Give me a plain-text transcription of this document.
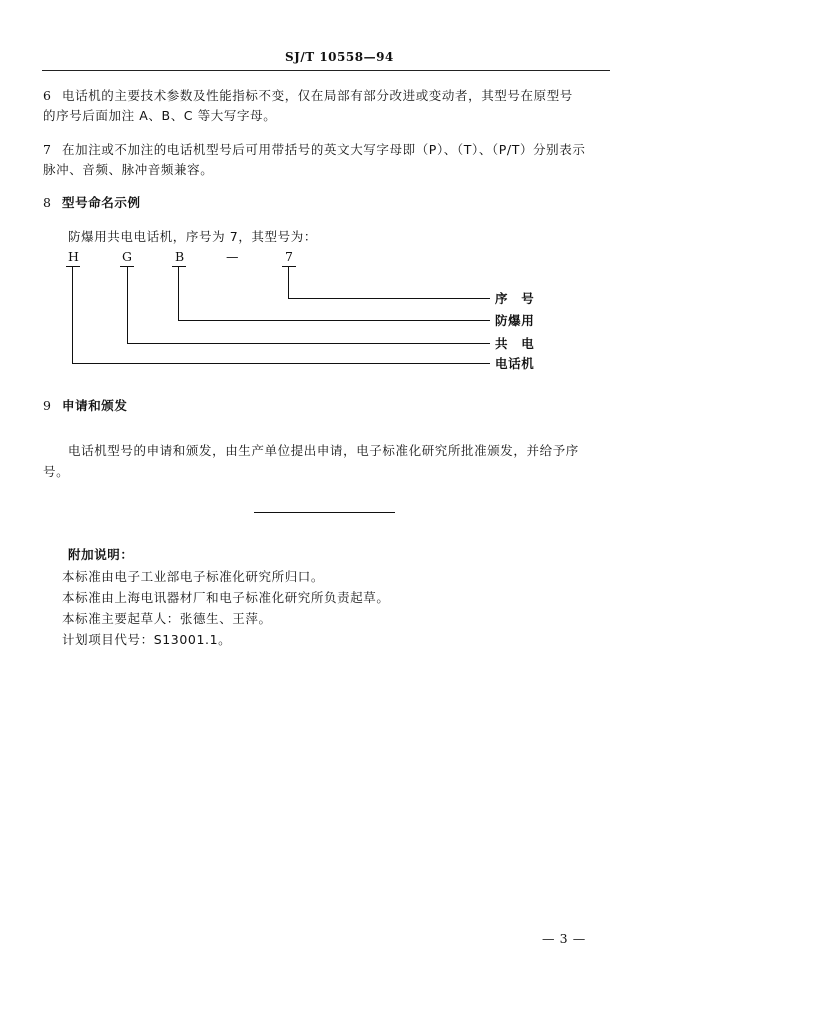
SJ/T 10558—94
6 电话机的主要技术参数及性能指标不变，仅在局部有部分改进或变动者，其型号在原型号
的序号后面加注 A、B、C 等大写字母。
7 在加注或不加注的电话机型号后可用带括号的英文大写字母即（P）、（T）、（P/T）分别表示
脉冲、音频、脉冲音频兼容。
8 型号命名示例
防爆用共电电话机，序号为 7，其型号为：
H	G	B	—	7
序　号
防爆用
共　电
电话机
9 申请和颁发
电话机型号的申请和颁发，由生产单位提出申请，电子标准化研究所批准颁发，并给予序
号。
附加说明：
本标准由电子工业部电子标准化研究所归口。
本标准由上海电讯器材厂和电子标准化研究所负责起草。
本标准主要起草人：张德生、王萍。
计划项目代号：S13001.1。
— 3 —
